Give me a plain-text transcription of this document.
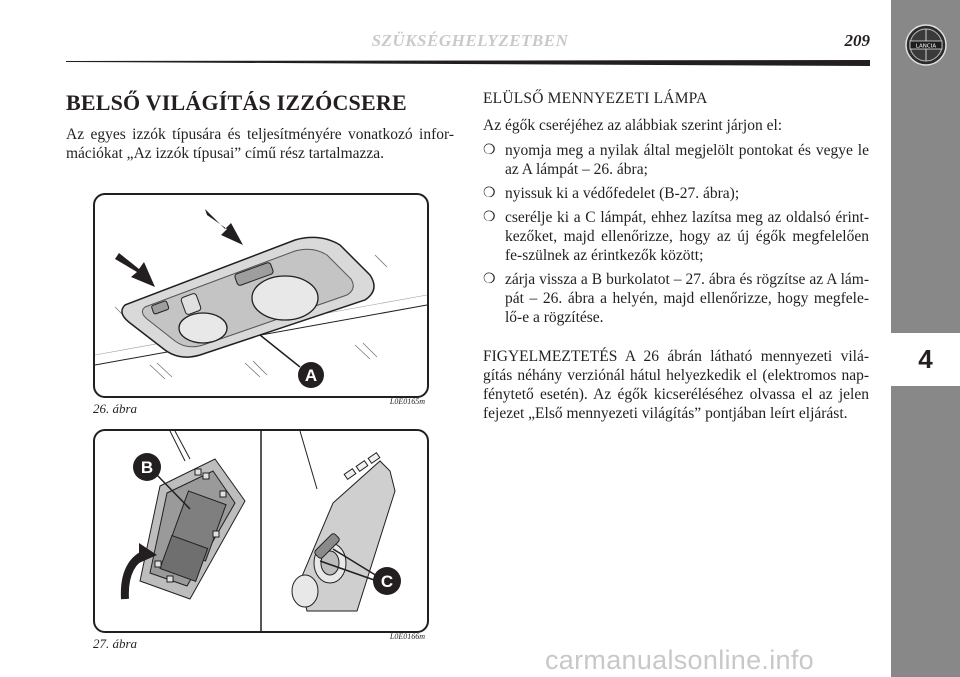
SZÜKSÉGHELYZETBEN	209	LANCIA
4
BELSŐ VILÁGÍTÁS IZZÓCSERE

Az egyes izzók típusára és teljesítményére vonatkozó infor-mációkat „Az izzók típusai” című rész tartalmazza.

A
26. ábra	L0E0165m
B
C
27. ábra	L0E0166m
ELÜLSŐ MENNYEZETI LÁMPA

Az égők cseréjéhez az alábbiak szerint járjon el:

❍ nyomja meg a nyilak által megjelölt pontokat és vegye le az A lámpát – 26. ábra;
❍ nyissuk ki a védőfedelet (B-27. ábra);
❍ cserélje ki a C lámpát, ehhez lazítsa meg az oldalsó érint-kezőket, majd ellenőrizze, hogy az új égők megfelelően fe-szülnek az érintkezők között;
❍ zárja vissza a B burkolatot – 27. ábra és rögzítse az A lám-pát – 26. ábra a helyén, majd ellenőrizze, hogy megfele-lő-e a rögzítése.

FIGYELMEZTETÉS A 26 ábrán látható mennyezeti vilá-gítás néhány verziónál hátul helyezkedik el (elektromos nap-fénytető esetén). Az égők kicseréléséhez olvassa el az jelen fejezet „Első mennyezeti világítás” pontjában leírt eljárást.

carmanualsonline.info
